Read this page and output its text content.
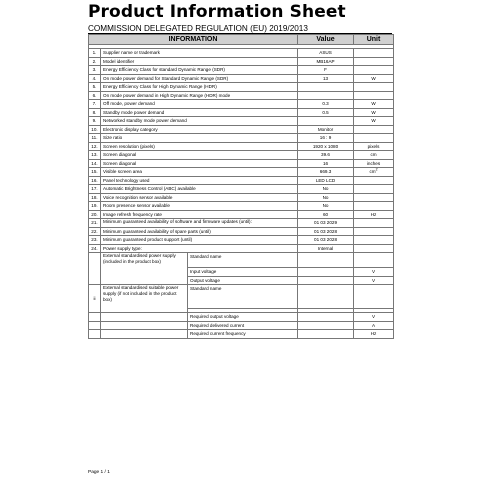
Product Information Sheet
COMMISSION DELEGATED REGULATION (EU) 2019/2013
INFORMATION			Value	Unit

1.	Supplier name or trademark		ASUS	
2.	Model identifier		MB16AP	
3.	Energy Efficiency Class for standard Dynamic Range (SDR)		F	
4.	On mode power demand for Standard Dynamic Range (SDR)		13	W
5.	Energy Efficiency Class for High Dynamic Range (HDR)			
6.	On mode power demand in High Dynamic Range (HDR) mode			
7.	Off mode, power demand		0.3	W
8.	Standby mode power demand		0.5	W
9.	Networked standby mode power demand			W
10.	Electronic display category		Monitor	
11.	Size ratio		16 : 9	
12.	Screen resolution (pixels)		1920 x 1080	pixels
13.	Screen diagonal		39.6	cm
14.	Screen diagonal		16	inches
15.	Visible screen area		669.3	$cm^2$
16.	Panel technology used		LED LCD	
17.	Automatic Brightness Control (ABC) available		No	
18.	Voice recognition sensor available		No	
19.	Room presence sensor available		No	
20.	Image refresh frequency rate		60	Hz
21.	Minimum guaranteed availability of software and firmware updates (until):		01 03 2029	
22.	Minimum guaranteed availability of spare parts (until)		01 03 2028	
23.	Minimum guaranteed product support (until)		01 03 2028	
24.	Power supply type:		Internal	
	External standardised power supply (included in the product box)	Standard name		
		Input voltage		V
		Output voltage		V
ii	External standardised suitable power supply (if not included in the product box)	Standard name		

		Required output voltage		V
		Required delivered current		A
		Required current frequency		Hz
Page 1 / 1
